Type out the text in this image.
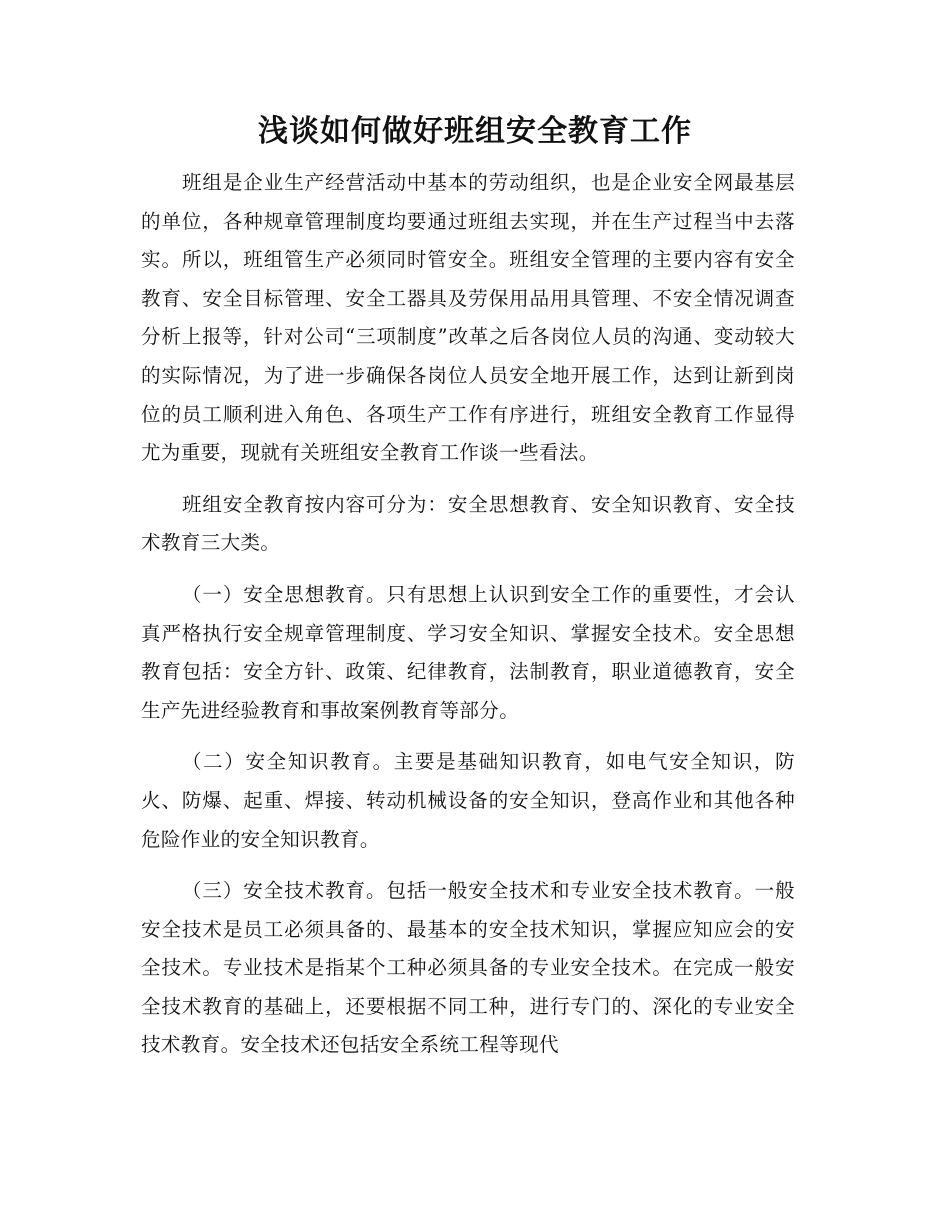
浅谈如何做好班组安全教育工作

班组是企业生产经营活动中基本的劳动组织，也是企业安全网最基层的单位，各种规章管理制度均要通过班组去实现，并在生产过程当中去落实。所以，班组管生产必须同时管安全。班组安全管理的主要内容有安全教育、安全目标管理、安全工器具及劳保用品用具管理、不安全情况调查分析上报等，针对公司“三项制度”改革之后各岗位人员的沟通、变动较大的实际情况，为了进一步确保各岗位人员安全地开展工作，达到让新到岗位的员工顺利进入角色、各项生产工作有序进行，班组安全教育工作显得尤为重要，现就有关班组安全教育工作谈一些看法。

班组安全教育按内容可分为：安全思想教育、安全知识教育、安全技术教育三大类。

（一）安全思想教育。只有思想上认识到安全工作的重要性，才会认真严格执行安全规章管理制度、学习安全知识、掌握安全技术。安全思想教育包括：安全方针、政策、纪律教育，法制教育，职业道德教育，安全生产先进经验教育和事故案例教育等部分。

（二）安全知识教育。主要是基础知识教育，如电气安全知识，防火、防爆、起重、焊接、转动机械设备的安全知识，登高作业和其他各种危险作业的安全知识教育。

（三）安全技术教育。包括一般安全技术和专业安全技术教育。一般安全技术是员工必须具备的、最基本的安全技术知识，掌握应知应会的安全技术。专业技术是指某个工种必须具备的专业安全技术。在完成一般安全技术教育的基础上，还要根据不同工种，进行专门的、深化的专业安全技术教育。安全技术还包括安全系统工程等现代
